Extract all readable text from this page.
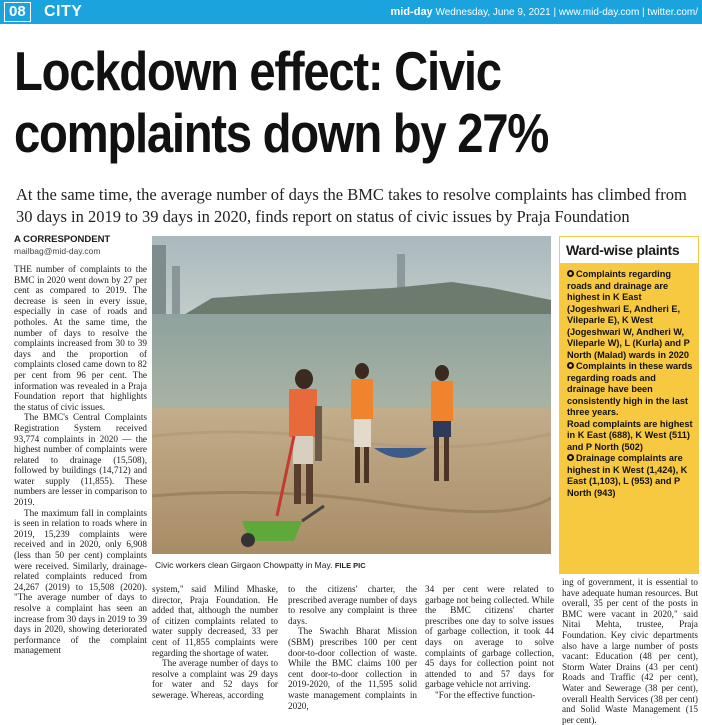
08	CITY	mid-day Wednesday, June 9, 2021 | www.mid-day.com | twitter.com/
Lockdown effect: Civic
complaints down by 27%
At the same time, the average number of days the BMC takes to resolve complaints has climbed from 30 days in 2019 to 39 days in 2020, finds report on status of civic issues by Praja Foundation
A CORRESPONDENT
mailbag@mid-day.com

THE number of complaints to the BMC in 2020 went down by 27 per cent as compared to 2019. The decrease is seen in every issue, especially in case of roads and potholes. At the same time, the number of days to resolve the complaints increased from 30 to 39 days and the proportion of complaints closed came down to 82 per cent from 96 per cent. The information was revealed in a Praja Foundation report that highlights the status of civic issues.

The BMC's Central Complaints Registration System received 93,774 complaints in 2020 — the highest number of complaints were related to drainage (15,508), followed by buildings (14,712) and water supply (11,855). These numbers are lesser in comparison to 2019.

The maximum fall in complaints is seen in relation to roads where in 2019, 15,239 complaints were received and in 2020, only 6,908 (less than 50 per cent) complaints were received. Similarly, drainage-related complaints reduced from 24,267 (2019) to 15,508 (2020). "The average number of days to resolve a complaint has seen an increase from 30 days in 2019 to 39 days in 2020, showing deteriorated performance of the complaint management

Civic workers clean Girgaon Chowpatty in May. FILE PIC

system," said Milind Mhaske, director, Praja Foundation. He added that, although the number of citizen complaints related to water supply decreased, 33 per cent of 11,855 complaints were regarding the shortage of water.

The average number of days to resolve a complaint was 29 days for water and 52 days for sewerage. Whereas, according

to the citizens' charter, the prescribed average number of days to resolve any complaint is three days.

The Swachh Bharat Mission (SBM) prescribes 100 per cent door-to-door collection of waste. While the BMC claims 100 per cent door-to-door collection in 2019-2020, of the 11,595 solid waste management complaints in 2020,

34 per cent were related to garbage not being collected. While the BMC citizens' charter prescribes one day to solve issues of garbage collection, it took 44 days on average to solve complaints of garbage collection, 45 days for collection point not attended to and 57 days for garbage vehicle not arriving.

"For the effective function-

ing of government, it is essential to have adequate human resources. But overall, 35 per cent of the posts in BMC were vacant in 2020," said Nitai Mehta, trustee, Praja Foundation. Key civic departments also have a large number of posts vacant: Education (48 per cent), Storm Water Drains (43 per cent) Roads and Traffic (42 per cent), Water and Sewerage (38 per cent), overall Health Services (38 per cent) and Solid Waste Management (15 per cent).

Ward-wise plaints

Complaints regarding roads and drainage are highest in K East (Jogeshwari E, Andheri E, Vileparle E), K West (Jogeshwari W, Andheri W, Vileparle W), L (Kurla) and P North (Malad) wards in 2020

Complaints in these wards regarding roads and drainage have been consistently high in the last three years.

Road complaints are highest in K East (688), K West (511) and P North (502)

Drainage complaints are highest in K West (1,424), K East (1,103), L (953) and P North (943)
